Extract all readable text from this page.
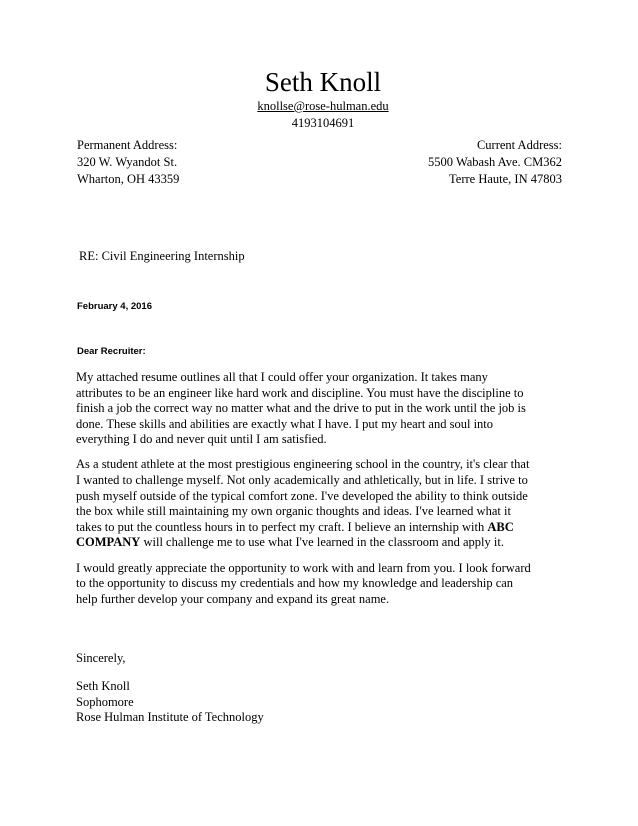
Seth Knoll
knollse@rose-hulman.edu
4193104691
Permanent Address:
320 W. Wyandot St.
Wharton, OH 43359
Current Address:
5500 Wabash Ave. CM362
Terre Haute, IN 47803
RE: Civil Engineering Internship
February 4, 2016
Dear Recruiter:

My attached resume outlines all that I could offer your organization. It takes many
attributes to be an engineer like hard work and discipline. You must have the discipline to
finish a job the correct way no matter what and the drive to put in the work until the job is
done. These skills and abilities are exactly what I have. I put my heart and soul into
everything I do and never quit until I am satisfied.

As a student athlete at the most prestigious engineering school in the country, it's clear that
I wanted to challenge myself. Not only academically and athletically, but in life. I strive to
push myself outside of the typical comfort zone. I've developed the ability to think outside
the box while still maintaining my own organic thoughts and ideas. I've learned what it
takes to put the countless hours in to perfect my craft. I believe an internship with ABC
COMPANY will challenge me to use what I've learned in the classroom and apply it.

I would greatly appreciate the opportunity to work with and learn from you. I look forward
to the opportunity to discuss my credentials and how my knowledge and leadership can
help further develop your company and expand its great name.

Sincerely,
Seth Knoll
Sophomore
Rose Hulman Institute of Technology
